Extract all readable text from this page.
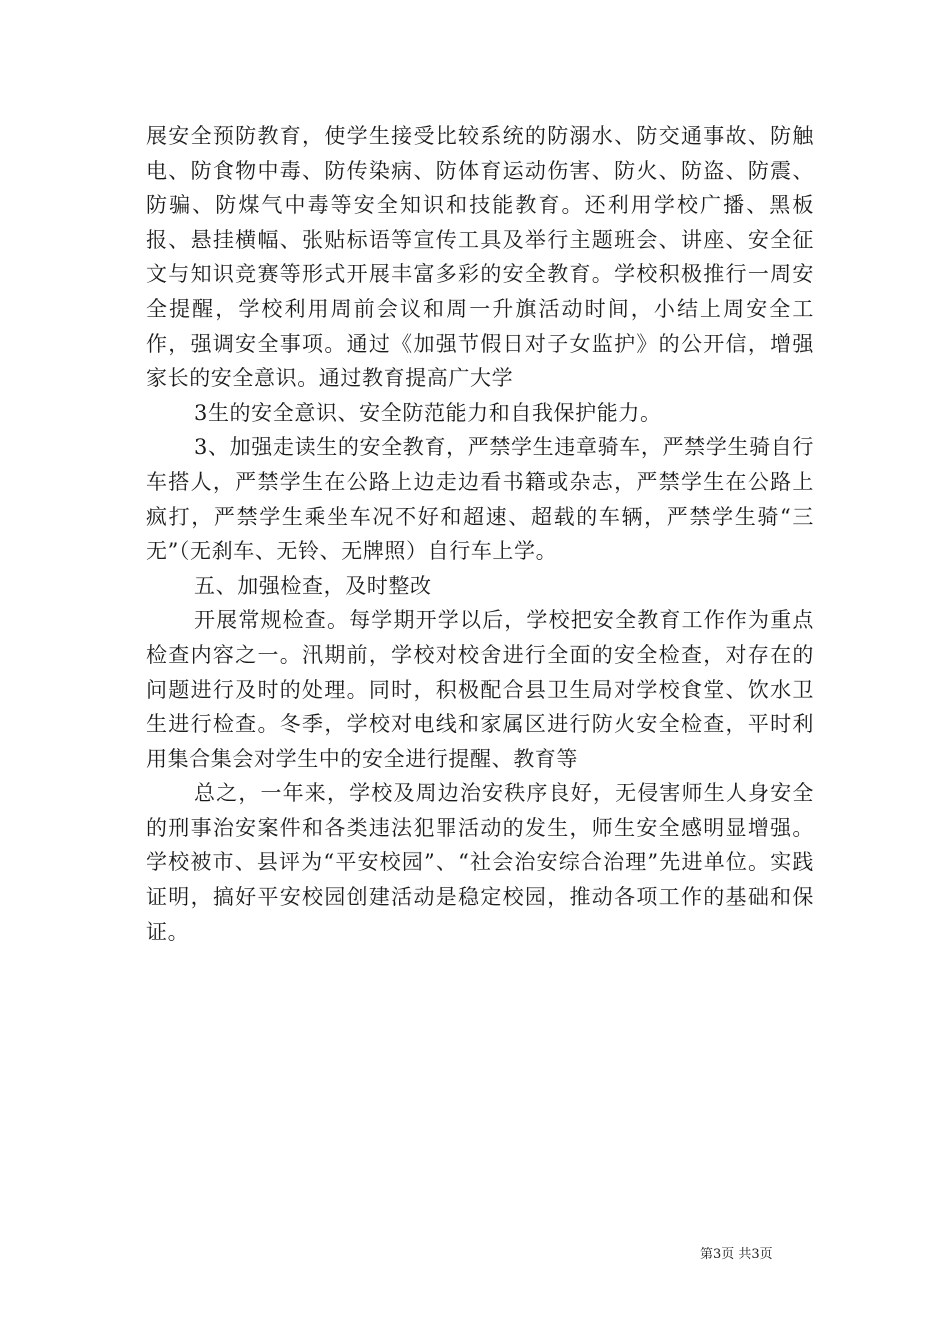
展安全预防教育，使学生接受比较系统的防溺水、防交通事故、防触电、防食物中毒、防传染病、防体育运动伤害、防火、防盗、防震、防骗、防煤气中毒等安全知识和技能教育。还利用学校广播、黑板报、悬挂横幅、张贴标语等宣传工具及举行主题班会、讲座、安全征文与知识竞赛等形式开展丰富多彩的安全教育。学校积极推行一周安全提醒，学校利用周前会议和周一升旗活动时间，小结上周安全工作，强调安全事项。通过《加强节假日对子女监护》的公开信，增强家长的安全意识。通过教育提高广大学

3生的安全意识、安全防范能力和自我保护能力。

3、加强走读生的安全教育，严禁学生违章骑车，严禁学生骑自行车搭人，严禁学生在公路上边走边看书籍或杂志，严禁学生在公路上疯打，严禁学生乘坐车况不好和超速、超载的车辆，严禁学生骑“三无”（无刹车、无铃、无牌照）自行车上学。

五、加强检查，及时整改

开展常规检查。每学期开学以后，学校把安全教育工作作为重点检查内容之一。汛期前，学校对校舍进行全面的安全检查，对存在的问题进行及时的处理。同时，积极配合县卫生局对学校食堂、饮水卫生进行检查。冬季，学校对电线和家属区进行防火安全检查，平时利用集合集会对学生中的安全进行提醒、教育等

总之，一年来，学校及周边治安秩序良好，无侵害师生人身安全的刑事治安案件和各类违法犯罪活动的发生，师生安全感明显增强。学校被市、县评为“平安校园”、“社会治安综合治理”先进单位。实践证明，搞好平安校园创建活动是稳定校园，推动各项工作的基础和保证。

第3页 共3页
